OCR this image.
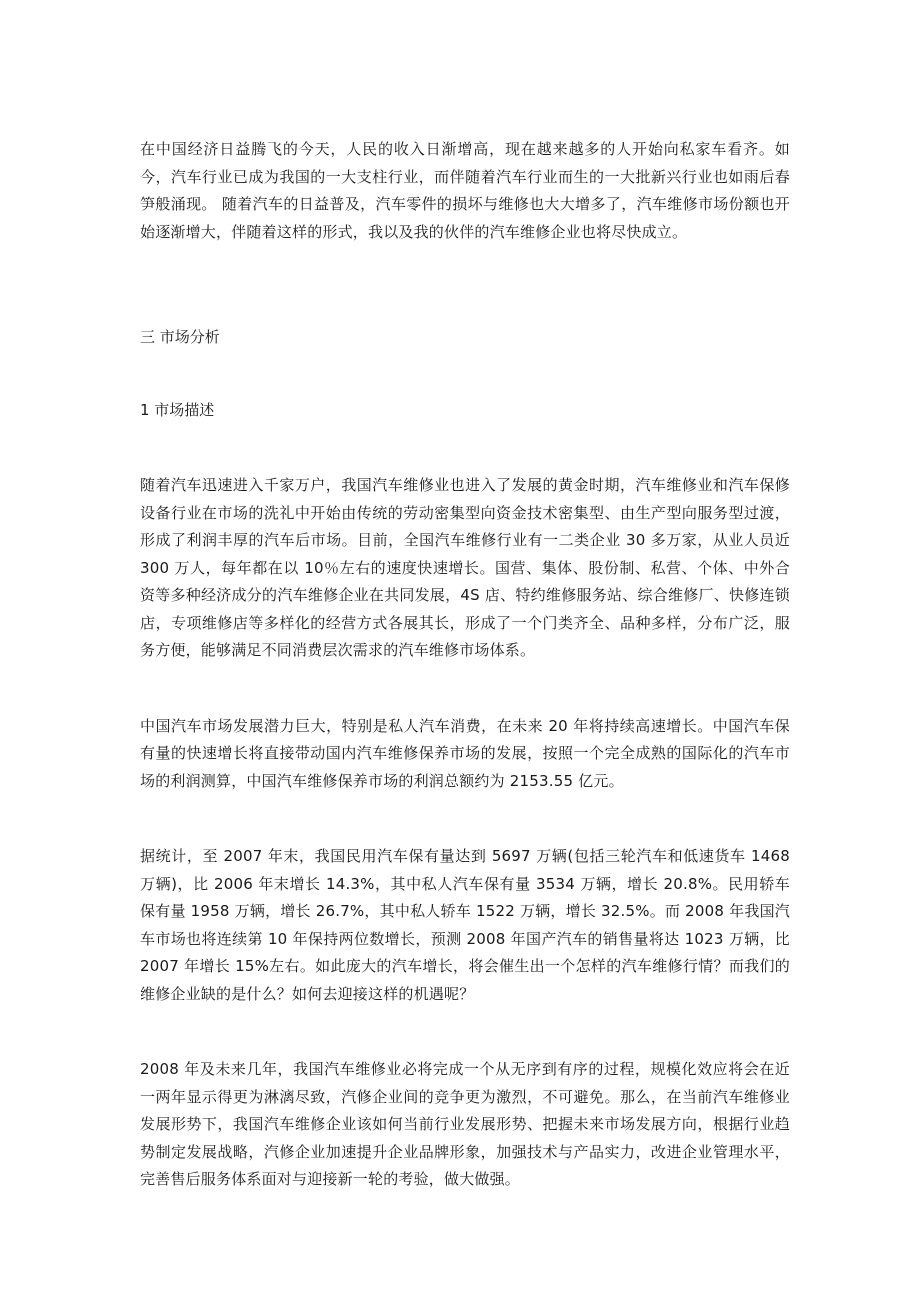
在中国经济日益腾飞的今天，人民的收入日渐增高，现在越来越多的人开始向私家车看齐。如今，汽车行业已成为我国的一大支柱行业，而伴随着汽车行业而生的一大批新兴行业也如雨后春笋般涌现。 随着汽车的日益普及，汽车零件的损坏与维修也大大增多了，汽车维修市场份额也开始逐渐增大，伴随着这样的形式，我以及我的伙伴的汽车维修企业也将尽快成立。

三 市场分析

1 市场描述

随着汽车迅速进入千家万户，我国汽车维修业也进入了发展的黄金时期，汽车维修业和汽车保修设备行业在市场的洗礼中开始由传统的劳动密集型向资金技术密集型、由生产型向服务型过渡，形成了利润丰厚的汽车后市场。目前，全国汽车维修行业有一二类企业 30 多万家，从业人员近 300 万人，每年都在以 10％左右的速度快速增长。国营、集体、股份制、私营、个体、中外合资等多种经济成分的汽车维修企业在共同发展，4S 店、特约维修服务站、综合维修厂、快修连锁店，专项维修店等多样化的经营方式各展其长，形成了一个门类齐全、品种多样，分布广泛，服务方便，能够满足不同消费层次需求的汽车维修市场体系。

中国汽车市场发展潜力巨大，特别是私人汽车消费，在未来 20 年将持续高速增长。中国汽车保有量的快速增长将直接带动国内汽车维修保养市场的发展，按照一个完全成熟的国际化的汽车市场的利润测算，中国汽车维修保养市场的利润总额约为 2153.55 亿元。

据统计，至 2007 年末，我国民用汽车保有量达到 5697 万辆(包括三轮汽车和低速货车 1468 万辆)，比 2006 年末增长 14.3%，其中私人汽车保有量 3534 万辆，增长 20.8%。民用轿车保有量 1958 万辆，增长 26.7%，其中私人轿车 1522 万辆，增长 32.5%。而 2008 年我国汽车市场也将连续第 10 年保持两位数增长，预测 2008 年国产汽车的销售量将达 1023 万辆，比 2007 年增长 15%左右。如此庞大的汽车增长，将会催生出一个怎样的汽车维修行情？而我们的维修企业缺的是什么？如何去迎接这样的机遇呢？

2008 年及未来几年，我国汽车维修业必将完成一个从无序到有序的过程，规模化效应将会在近一两年显示得更为淋漓尽致，汽修企业间的竞争更为激烈，不可避免。那么，在当前汽车维修业发展形势下，我国汽车维修企业该如何当前行业发展形势、把握未来市场发展方向，根据行业趋势制定发展战略，汽修企业加速提升企业品牌形象，加强技术与产品实力，改进企业管理水平，完善售后服务体系面对与迎接新一轮的考验，做大做强。
